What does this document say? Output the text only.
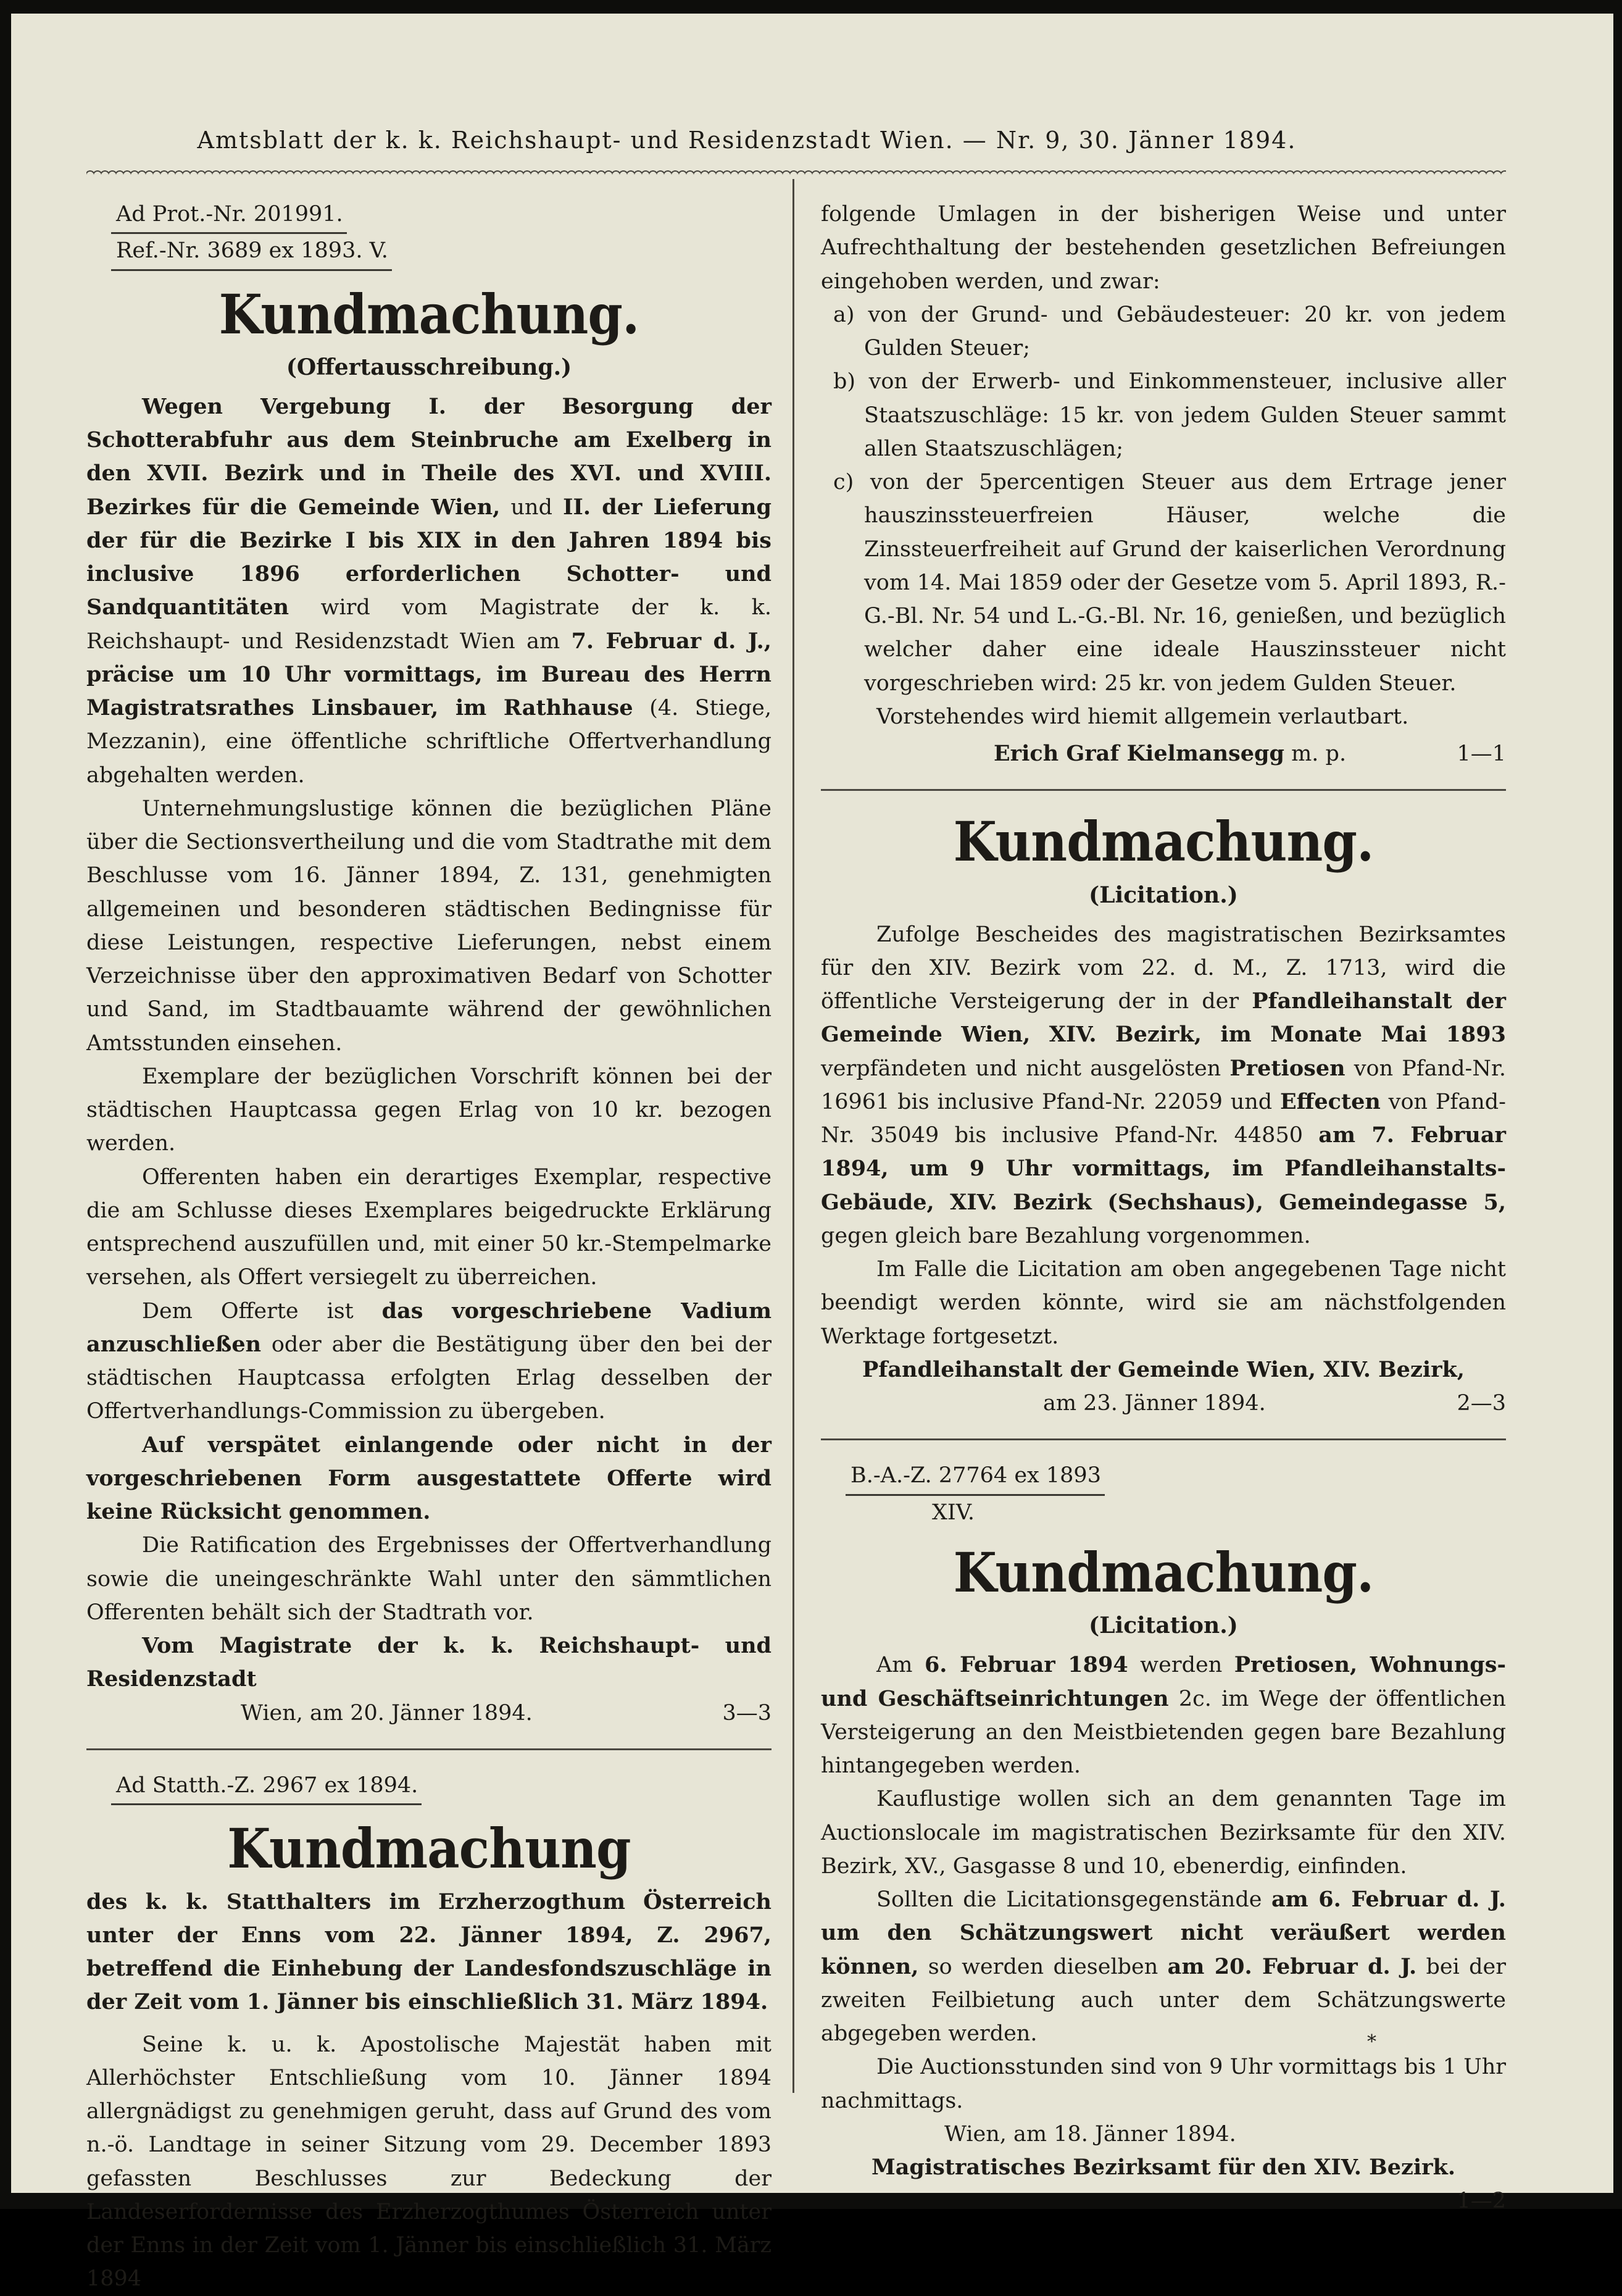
Amtsblatt der k. k. Reichshaupt- und Residenzstadt Wien. — Nr. 9, 30. Jänner 1894.
Ad Prot.-Nr. 201991.
Ref.-Nr. 3689 ex 1893. V.
Kundmachung.
(Offertausschreibung.)

Wegen Vergebung I. der Besorgung der Schotterabfuhr aus dem Steinbruche am Exelberg in den XVII. Bezirk und in Theile des XVI. und XVIII. Bezirkes für die Gemeinde Wien, und II. der Lieferung der für die Bezirke I bis XIX in den Jahren 1894 bis inclusive 1896 erforderlichen Schotter- und Sandquantitäten wird vom Magistrate der k. k. Reichshaupt- und Residenzstadt Wien am 7. Februar d. J., präcise um 10 Uhr vormittags, im Bureau des Herrn Magistratsrathes Linsbauer, im Rathhause (4. Stiege, Mezzanin), eine öffentliche schriftliche Offertverhandlung abgehalten werden.

Unternehmungslustige können die bezüglichen Pläne über die Sectionsvertheilung und die vom Stadtrathe mit dem Beschlusse vom 16. Jänner 1894, Z. 131, genehmigten allgemeinen und besonderen städtischen Bedingnisse für diese Leistungen, respective Lieferungen, nebst einem Verzeichnisse über den approximativen Bedarf von Schotter und Sand, im Stadtbauamte während der gewöhnlichen Amtsstunden einsehen.

Exemplare der bezüglichen Vorschrift können bei der städtischen Hauptcassa gegen Erlag von 10 kr. bezogen werden.

Offerenten haben ein derartiges Exemplar, respective die am Schlusse dieses Exemplares beigedruckte Erklärung entsprechend auszufüllen und, mit einer 50 kr.-Stempelmarke versehen, als Offert versiegelt zu überreichen.

Dem Offerte ist das vorgeschriebene Vadium anzuschließen oder aber die Bestätigung über den bei der städtischen Hauptcassa erfolgten Erlag desselben der Offertverhandlungs-Commission zu übergeben.

Auf verspätet einlangende oder nicht in der vorgeschriebenen Form ausgestattete Offerte wird keine Rücksicht genommen.

Die Ratification des Ergebnisses der Offertverhandlung sowie die uneingeschränkte Wahl unter den sämmtlichen Offerenten behält sich der Stadtrath vor.

Vom Magistrate der k. k. Reichshaupt- und Residenzstadt

Wien, am 20. Jänner 1894.	3—3
Ad Statth.-Z. 2967 ex 1894.
Kundmachung

des k. k. Statthalters im Erzherzogthum Österreich unter der Enns vom 22. Jänner 1894, Z. 2967, betreffend die Einhebung der Landesfondszuschläge in der Zeit vom 1. Jänner bis einschließlich 31. März 1894.

Seine k. u. k. Apostolische Majestät haben mit Allerhöchster Entschließung vom 10. Jänner 1894 allergnädigst zu genehmigen geruht, dass auf Grund des vom n.-ö. Landtage in seiner Sitzung vom 29. December 1893 gefassten Beschlusses zur Bedeckung der Landeserfordernisse des Erzherzogthumes Österreich unter der Enns in der Zeit vom 1. Jänner bis einschließlich 31. März 1894

folgende Umlagen in der bisherigen Weise und unter Aufrechthaltung der bestehenden gesetzlichen Befreiungen eingehoben werden, und zwar:

a) von der Grund- und Gebäudesteuer: 20 kr. von jedem Gulden Steuer;

b) von der Erwerb- und Einkommensteuer, inclusive aller Staatszuschläge: 15 kr. von jedem Gulden Steuer sammt allen Staatszuschlägen;

c) von der 5percentigen Steuer aus dem Ertrage jener hauszinssteuerfreien Häuser, welche die Zinssteuerfreiheit auf Grund der kaiserlichen Verordnung vom 14. Mai 1859 oder der Gesetze vom 5. April 1893, R.-G.-Bl. Nr. 54 und L.-G.-Bl. Nr. 16, genießen, und bezüglich welcher daher eine ideale Hauszinssteuer nicht vorgeschrieben wird: 25 kr. von jedem Gulden Steuer.

Vorstehendes wird hiemit allgemein verlautbart.

Erich Graf Kielmansegg m. p.	1—1
Kundmachung.
(Licitation.)

Zufolge Bescheides des magistratischen Bezirksamtes für den XIV. Bezirk vom 22. d. M., Z. 1713, wird die öffentliche Versteigerung der in der Pfandleihanstalt der Gemeinde Wien, XIV. Bezirk, im Monate Mai 1893 verpfändeten und nicht ausgelösten Pretiosen von Pfand-Nr. 16961 bis inclusive Pfand-Nr. 22059 und Effecten von Pfand-Nr. 35049 bis inclusive Pfand-Nr. 44850 am 7. Februar 1894, um 9 Uhr vormittags, im Pfandleihanstalts-Gebäude, XIV. Bezirk (Sechshaus), Gemeindegasse 5, gegen gleich bare Bezahlung vorgenommen.

Im Falle die Licitation am oben angegebenen Tage nicht beendigt werden könnte, wird sie am nächstfolgenden Werktage fortgesetzt.

Pfandleihanstalt der Gemeinde Wien, XIV. Bezirk,

am 23. Jänner 1894.	2—3
B.-A.-Z. 27764 ex 1893
XIV.
Kundmachung.
(Licitation.)

Am 6. Februar 1894 werden Pretiosen, Wohnungs- und Geschäftseinrichtungen 2c. im Wege der öffentlichen Versteigerung an den Meistbietenden gegen bare Bezahlung hintangegeben werden.

Kauflustige wollen sich an dem genannten Tage im Auctionslocale im magistratischen Bezirksamte für den XIV. Bezirk, XV., Gasgasse 8 und 10, ebenerdig, einfinden.

Sollten die Licitationsgegenstände am 6. Februar d. J. um den Schätzungswert nicht veräußert werden können, so werden dieselben am 20. Februar d. J. bei der zweiten Feilbietung auch unter dem Schätzungswerte abgegeben werden.

Die Auctionsstunden sind von 9 Uhr vormittags bis 1 Uhr nachmittags.

Wien, am 18. Jänner 1894.

Magistratisches Bezirksamt für den XIV. Bezirk.

1—2
*
